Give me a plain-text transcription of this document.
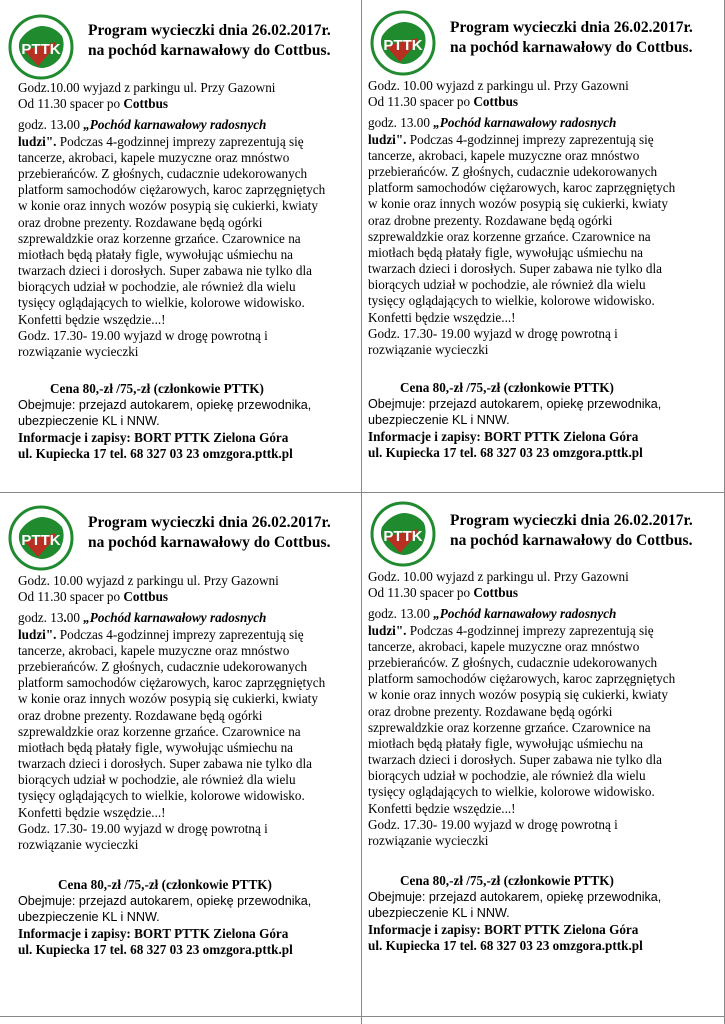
PTTK
Program wycieczki dnia 26.02.2017r.
na pochód karnawałowy do Cottbus.
Godz.10.00 wyjazd z parkingu ul. Przy Gazowni
Od 11.30 spacer po Cottbus
godz. 13.00 „Pochód karnawałowy radosnych
ludzi". Podczas 4-godzinnej imprezy zaprezentują się
tancerze, akrobaci, kapele muzyczne oraz mnóstwo
przebierańców. Z głośnych, cudacznie udekorowanych
platform samochodów ciężarowych, karoc zaprzęgniętych
w konie oraz innych wozów posypią się cukierki, kwiaty
oraz drobne prezenty. Rozdawane będą ogórki
szprewaldzkie oraz korzenne grzańce. Czarownice na
miotłach będą płatały figle, wywołując uśmiechu na
twarzach dzieci i dorosłych. Super zabawa nie tylko dla
biorących udział w pochodzie, ale również dla wielu
tysięcy oglądających to wielkie, kolorowe widowisko.
Konfetti będzie wszędzie...!
Godz. 17.30- 19.00 wyjazd w drogę powrotną i
rozwiązanie wycieczki
Cena 80,-zł /75,-zł (członkowie PTTK)
Obejmuje: przejazd autokarem, opiekę przewodnika,
ubezpieczenie KL i NNW.
Informacje i zapisy: BORT PTTK Zielona Góra
ul. Kupiecka 17 tel. 68 327 03 23 omzgora.pttk.pl
PTTK
Program wycieczki dnia 26.02.2017r.
na pochód karnawałowy do Cottbus.
Godz. 10.00 wyjazd z parkingu ul. Przy Gazowni
Od 11.30 spacer po Cottbus
godz. 13.00 „Pochód karnawałowy radosnych
ludzi". Podczas 4-godzinnej imprezy zaprezentują się
tancerze, akrobaci, kapele muzyczne oraz mnóstwo
przebierańców. Z głośnych, cudacznie udekorowanych
platform samochodów ciężarowych, karoc zaprzęgniętych
w konie oraz innych wozów posypią się cukierki, kwiaty
oraz drobne prezenty. Rozdawane będą ogórki
szprewaldzkie oraz korzenne grzańce. Czarownice na
miotłach będą płatały figle, wywołując uśmiechu na
twarzach dzieci i dorosłych. Super zabawa nie tylko dla
biorących udział w pochodzie, ale również dla wielu
tysięcy oglądających to wielkie, kolorowe widowisko.
Konfetti będzie wszędzie...!
Godz. 17.30- 19.00 wyjazd w drogę powrotną i
rozwiązanie wycieczki
Cena 80,-zł /75,-zł (członkowie PTTK)
Obejmuje: przejazd autokarem, opiekę przewodnika,
ubezpieczenie KL i NNW.
Informacje i zapisy: BORT PTTK Zielona Góra
ul. Kupiecka 17 tel. 68 327 03 23 omzgora.pttk.pl
PTTK
Program wycieczki dnia 26.02.2017r.
na pochód karnawałowy do Cottbus.
Godz. 10.00 wyjazd z parkingu ul. Przy Gazowni
Od 11.30 spacer po Cottbus
godz. 13.00 „Pochód karnawałowy radosnych
ludzi". Podczas 4-godzinnej imprezy zaprezentują się
tancerze, akrobaci, kapele muzyczne oraz mnóstwo
przebierańców. Z głośnych, cudacznie udekorowanych
platform samochodów ciężarowych, karoc zaprzęgniętych
w konie oraz innych wozów posypią się cukierki, kwiaty
oraz drobne prezenty. Rozdawane będą ogórki
szprewaldzkie oraz korzenne grzańce. Czarownice na
miotłach będą płatały figle, wywołując uśmiechu na
twarzach dzieci i dorosłych. Super zabawa nie tylko dla
biorących udział w pochodzie, ale również dla wielu
tysięcy oglądających to wielkie, kolorowe widowisko.
Konfetti będzie wszędzie...!
Godz. 17.30- 19.00 wyjazd w drogę powrotną i
rozwiązanie wycieczki
Cena 80,-zł /75,-zł (członkowie PTTK)
Obejmuje: przejazd autokarem, opiekę przewodnika,
ubezpieczenie KL i NNW.
Informacje i zapisy: BORT PTTK Zielona Góra
ul. Kupiecka 17 tel. 68 327 03 23 omzgora.pttk.pl
PTTK
Program wycieczki dnia 26.02.2017r.
na pochód karnawałowy do Cottbus.
Godz. 10.00 wyjazd z parkingu ul. Przy Gazowni
Od 11.30 spacer po Cottbus
godz. 13.00 „Pochód karnawałowy radosnych
ludzi". Podczas 4-godzinnej imprezy zaprezentują się
tancerze, akrobaci, kapele muzyczne oraz mnóstwo
przebierańców. Z głośnych, cudacznie udekorowanych
platform samochodów ciężarowych, karoc zaprzęgniętych
w konie oraz innych wozów posypią się cukierki, kwiaty
oraz drobne prezenty. Rozdawane będą ogórki
szprewaldzkie oraz korzenne grzańce. Czarownice na
miotłach będą płatały figle, wywołując uśmiechu na
twarzach dzieci i dorosłych. Super zabawa nie tylko dla
biorących udział w pochodzie, ale również dla wielu
tysięcy oglądających to wielkie, kolorowe widowisko.
Konfetti będzie wszędzie...!
Godz. 17.30- 19.00 wyjazd w drogę powrotną i
rozwiązanie wycieczki
Cena 80,-zł /75,-zł (członkowie PTTK)
Obejmuje: przejazd autokarem, opiekę przewodnika,
ubezpieczenie KL i NNW.
Informacje i zapisy: BORT PTTK Zielona Góra
ul. Kupiecka 17 tel. 68 327 03 23 omzgora.pttk.pl
